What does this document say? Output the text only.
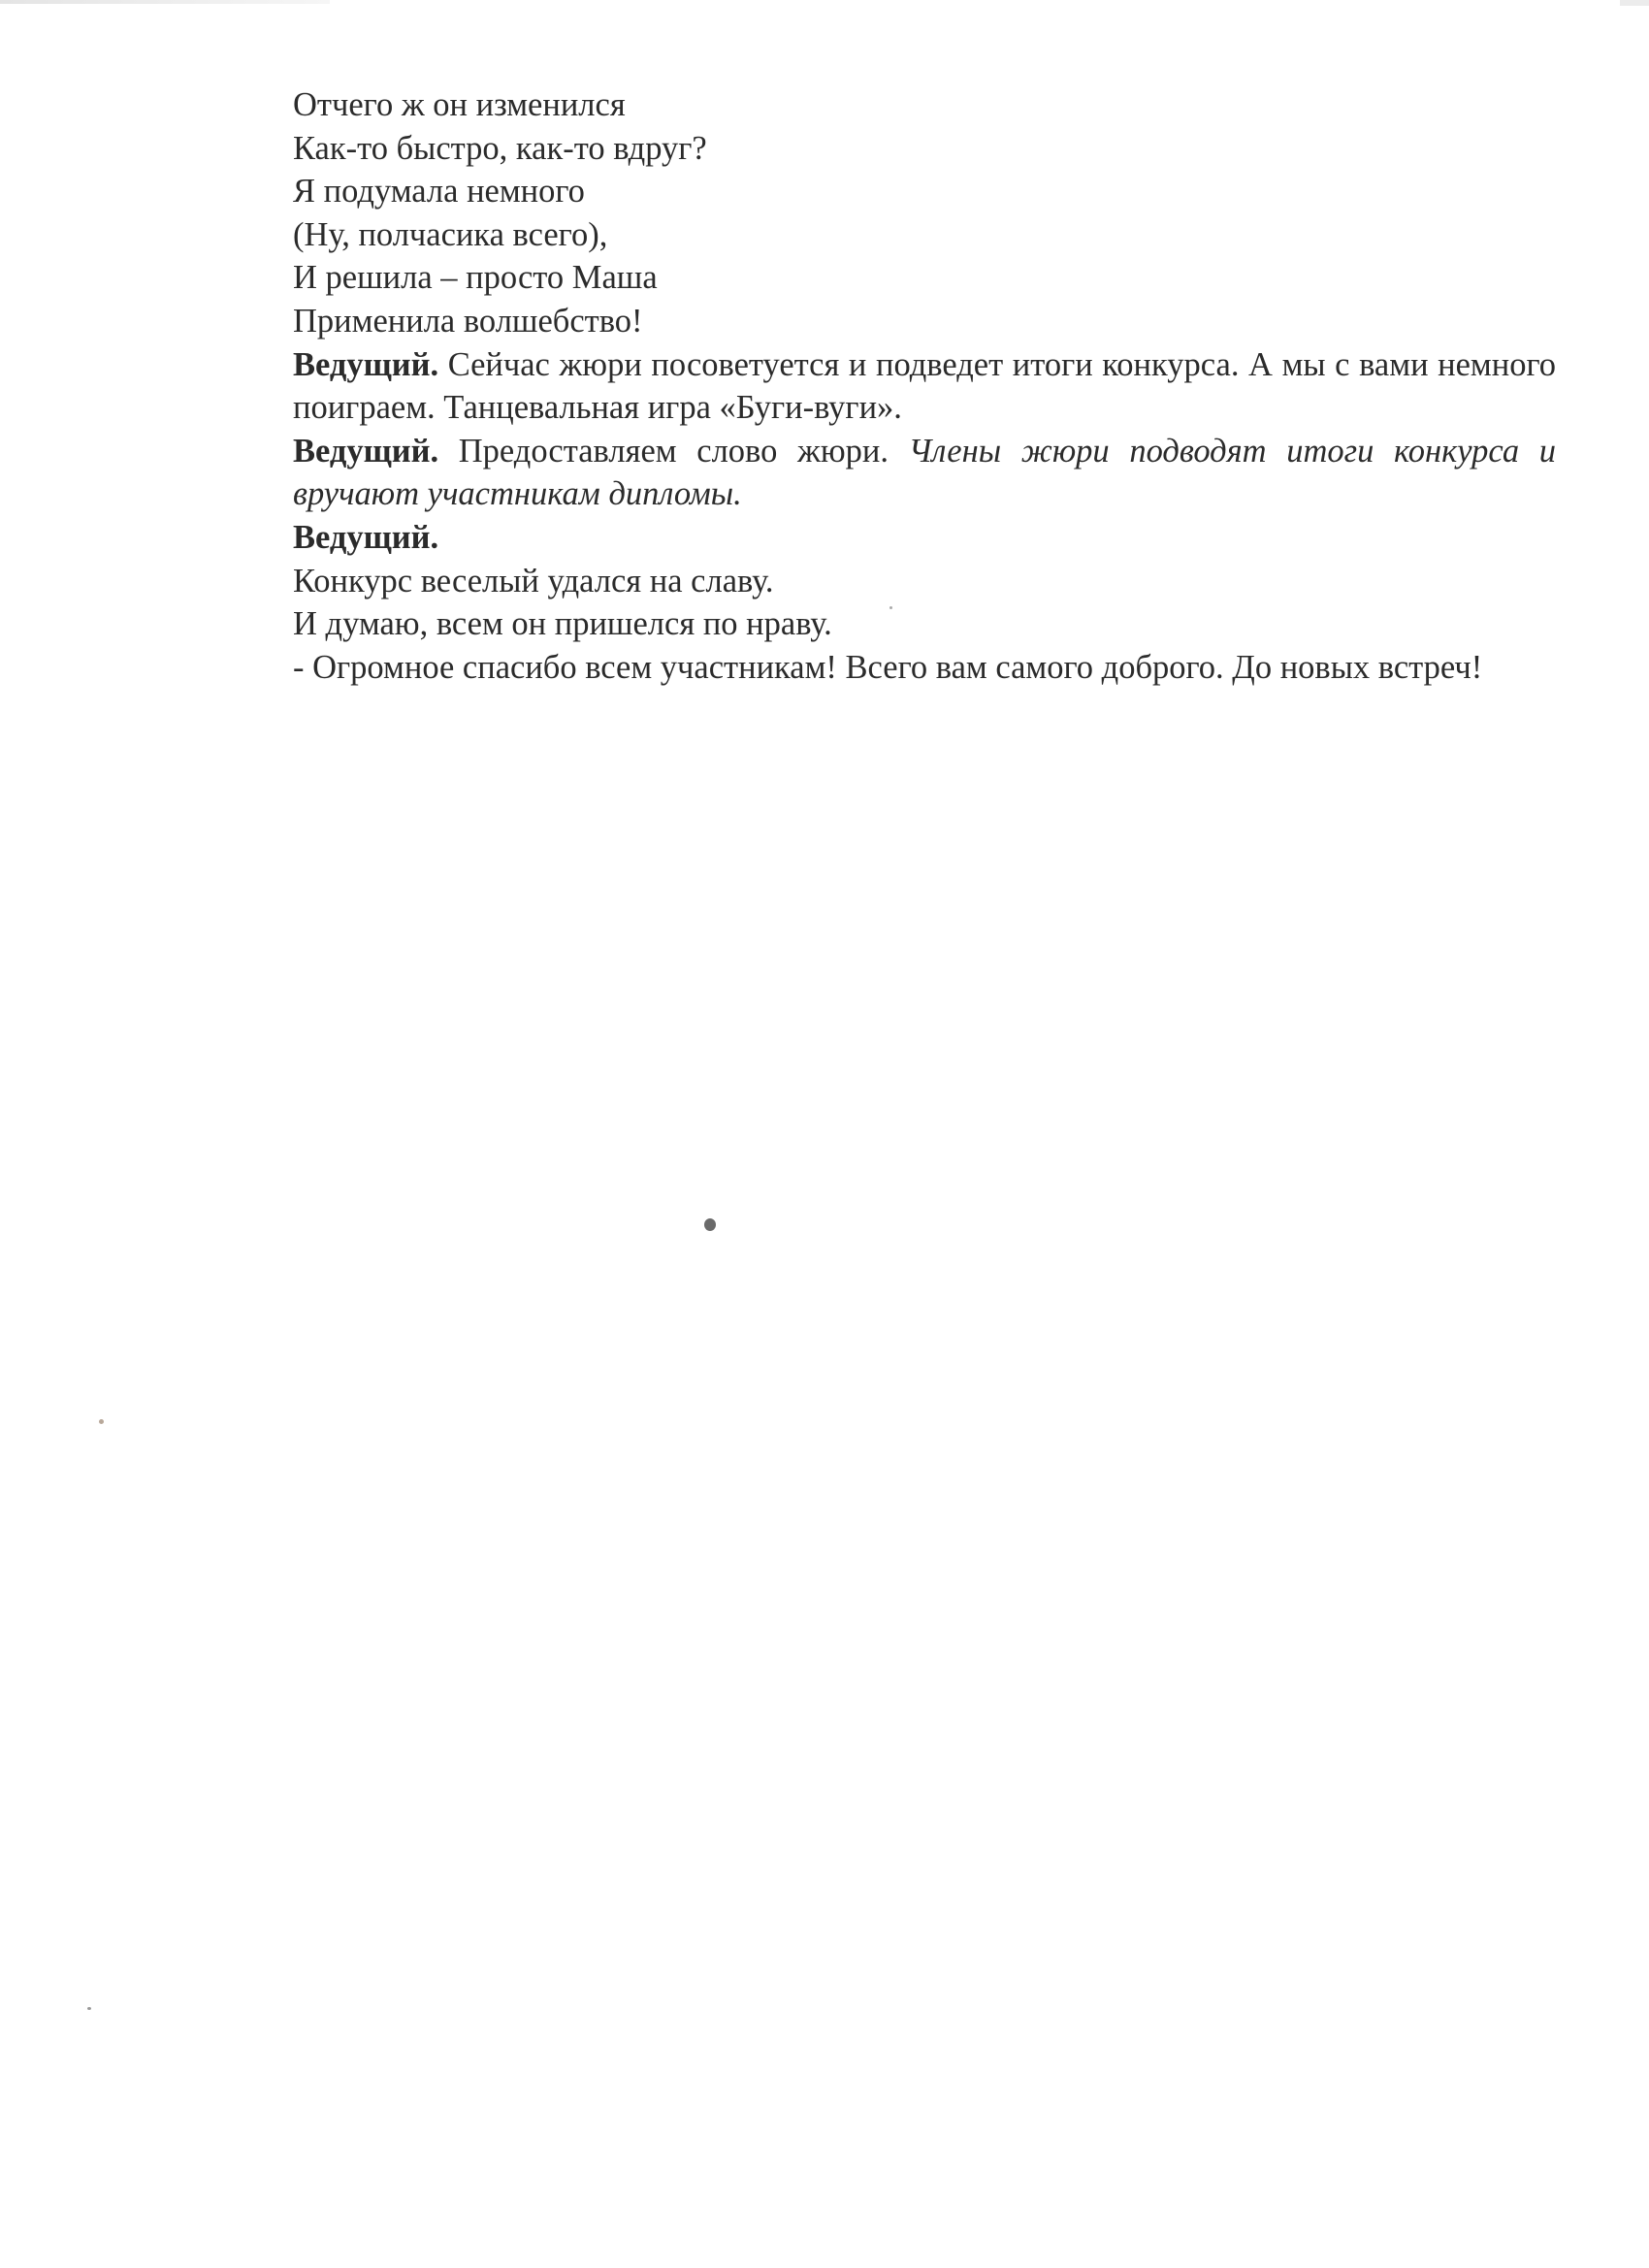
Отчего ж он изменился
Как-то быстро, как-то вдруг?
Я подумала немного
(Ну, полчасика всего),
И решила – просто Маша
Применила волшебство!
Ведущий. Сейчас жюри посоветуется и подведет итоги конкурса. А мы с вами немного поиграем. Танцевальная игра «Буги-вуги».
Ведущий. Предоставляем слово жюри. Члены жюри подводят итоги конкурса и вручают участникам дипломы.
Ведущий.
Конкурс веселый удался на славу.
И думаю, всем он пришелся по нраву.
- Огромное спасибо всем участникам! Всего вам самого доброго. До новых встреч!
